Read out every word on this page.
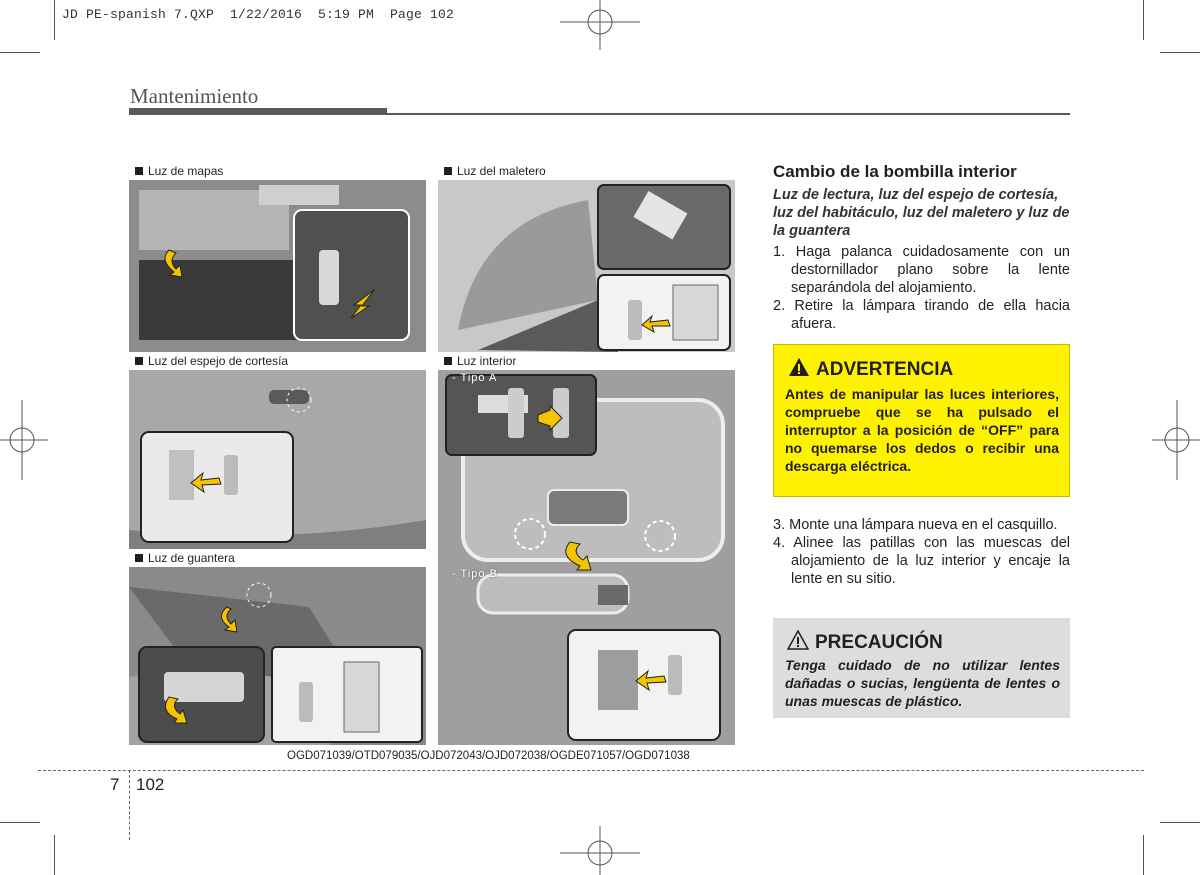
JD PE-spanish 7.QXP  1/22/2016  5:19 PM  Page 102
Mantenimiento
Luz de mapas	Luz del maletero
Luz del espejo de cortesía	Luz interior
- Tipo A
- Tipo B
Luz de guantera
OGD071039/OTD079035/OJD072043/OJD072038/OGDE071057/OGD071038
Cambio de la bombilla interior
Luz de lectura, luz del espejo de cortesía, luz del habitáculo, luz del maletero y luz de la guantera
1. Haga palanca cuidadosamente con un destornillador plano sobre la lente separándola del alojamiento.
2. Retire la lámpara tirando de ella hacia afuera.
ADVERTENCIA
Antes de manipular las luces interiores, compruebe que se ha pulsado el interruptor a la posición de “OFF” para no quemarse los dedos o recibir una descarga eléctrica.
3. Monte una lámpara nueva en el casquillo.
4. Alinee las patillas con las muescas del alojamiento de la luz interior y encaje la lente en su sitio.
PRECAUCIÓN
Tenga cuidado de no utilizar lentes dañadas o sucias, lengüenta de lentes o unas muescas de plástico.
7 102
